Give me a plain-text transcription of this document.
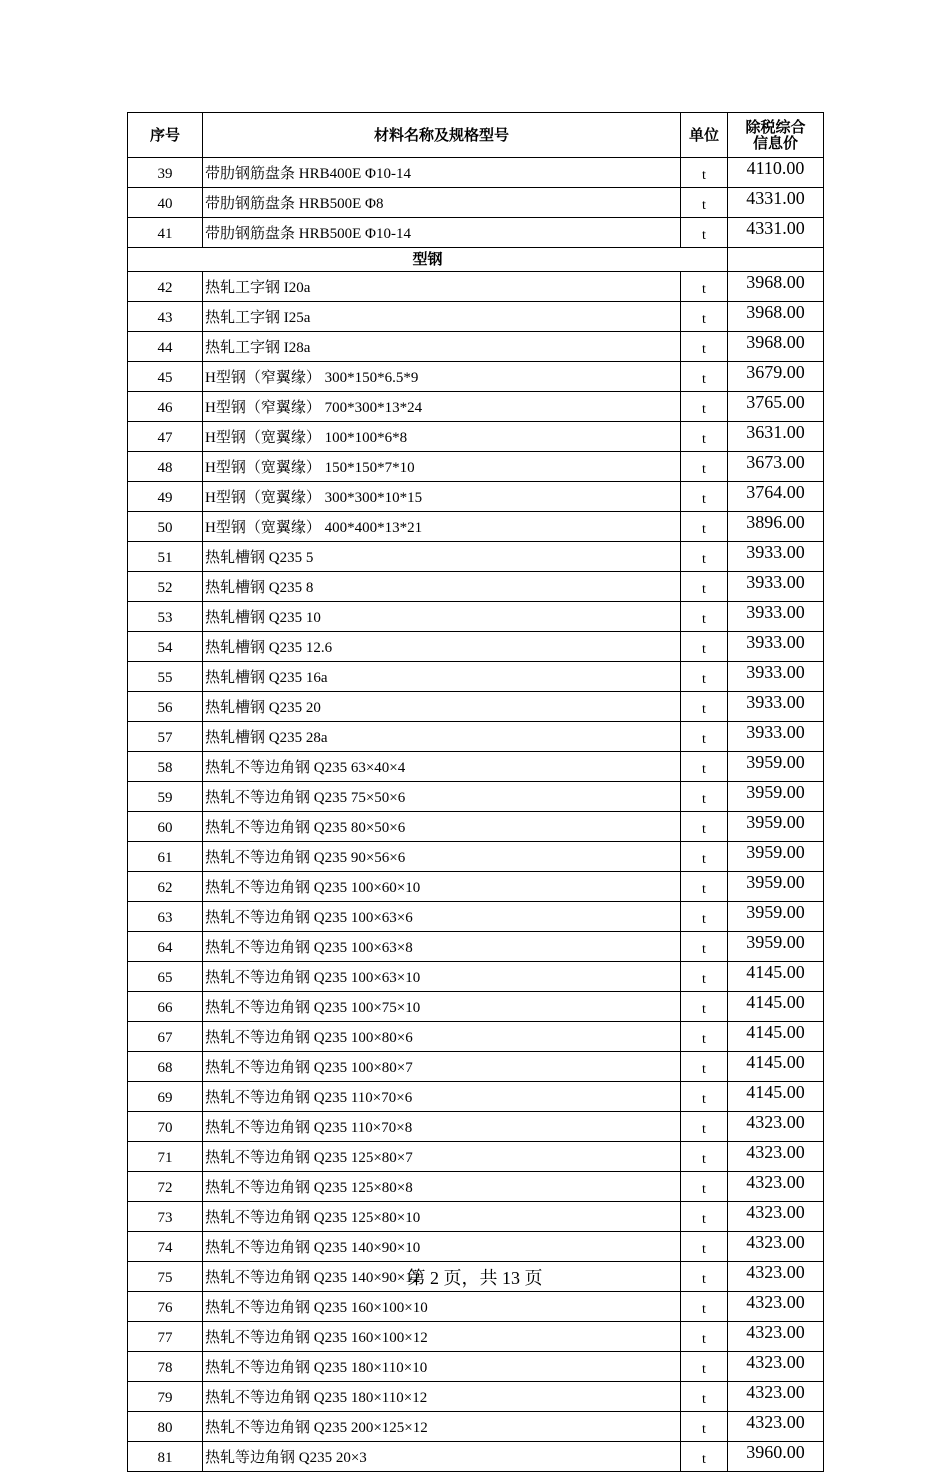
序号	材料名称及规格型号	单位	除税综合
信息价

39	带肋钢筋盘条 HRB400E Φ10-14	t	4110.00
40	带肋钢筋盘条 HRB500E Φ8	t	4331.00
41	带肋钢筋盘条 HRB500E Φ10-14	t	4331.00
型钢			
42	热轧工字钢 I20a	t	3968.00
43	热轧工字钢 I25a	t	3968.00
44	热轧工字钢 I28a	t	3968.00
45	H型钢（窄翼缘） 300*150*6.5*9	t	3679.00
46	H型钢（窄翼缘） 700*300*13*24	t	3765.00
47	H型钢（宽翼缘） 100*100*6*8	t	3631.00
48	H型钢（宽翼缘） 150*150*7*10	t	3673.00
49	H型钢（宽翼缘） 300*300*10*15	t	3764.00
50	H型钢（宽翼缘） 400*400*13*21	t	3896.00
51	热轧槽钢 Q235 5	t	3933.00
52	热轧槽钢 Q235 8	t	3933.00
53	热轧槽钢 Q235 10	t	3933.00
54	热轧槽钢 Q235 12.6	t	3933.00
55	热轧槽钢 Q235 16a	t	3933.00
56	热轧槽钢 Q235 20	t	3933.00
57	热轧槽钢 Q235 28a	t	3933.00
58	热轧不等边角钢 Q235 63×40×4	t	3959.00
59	热轧不等边角钢 Q235 75×50×6	t	3959.00
60	热轧不等边角钢 Q235 80×50×6	t	3959.00
61	热轧不等边角钢 Q235 90×56×6	t	3959.00
62	热轧不等边角钢 Q235 100×60×10	t	3959.00
63	热轧不等边角钢 Q235 100×63×6	t	3959.00
64	热轧不等边角钢 Q235 100×63×8	t	3959.00
65	热轧不等边角钢 Q235 100×63×10	t	4145.00
66	热轧不等边角钢 Q235 100×75×10	t	4145.00
67	热轧不等边角钢 Q235 100×80×6	t	4145.00
68	热轧不等边角钢 Q235 100×80×7	t	4145.00
69	热轧不等边角钢 Q235 110×70×6	t	4145.00
70	热轧不等边角钢 Q235 110×70×8	t	4323.00
71	热轧不等边角钢 Q235 125×80×7	t	4323.00
72	热轧不等边角钢 Q235 125×80×8	t	4323.00
73	热轧不等边角钢 Q235 125×80×10	t	4323.00
74	热轧不等边角钢 Q235 140×90×10	t	4323.00
75	热轧不等边角钢 Q235 140×90×12	t	4323.00
76	热轧不等边角钢 Q235 160×100×10	t	4323.00
77	热轧不等边角钢 Q235 160×100×12	t	4323.00
78	热轧不等边角钢 Q235 180×110×10	t	4323.00
79	热轧不等边角钢 Q235 180×110×12	t	4323.00
80	热轧不等边角钢 Q235 200×125×12	t	4323.00
81	热轧等边角钢 Q235 20×3	t	3960.00
第 2 页，共 13 页
